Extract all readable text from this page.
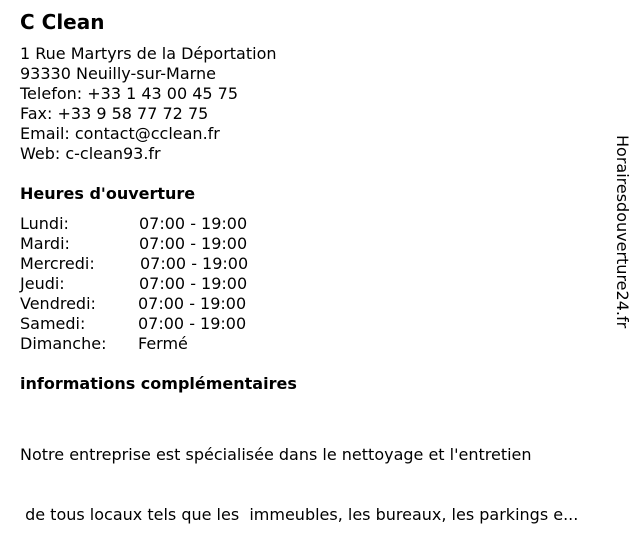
C Clean
1 Rue Martyrs de la Déportation
93330 Neuilly-sur-Marne
Telefon: +33 1 43 00 45 75
Fax: +33 9 58 77 72 75
Email: contact@cclean.fr
Web: c-clean93.fr
Heures d'ouverture
Lundi:	07:00 - 19:00
Mardi:	07:00 - 19:00
Mercredi:	07:00 - 19:00
Jeudi:	07:00 - 19:00
Vendredi:	07:00 - 19:00
Samedi:	07:00 - 19:00
Dimanche: Fermé
informations complémentaires

Notre entreprise est spécialisée dans le nettoyage et l'entretien

de tous locaux tels que les  immeubles, les bureaux, les parkings e...

Horairesdouverture24.fr
